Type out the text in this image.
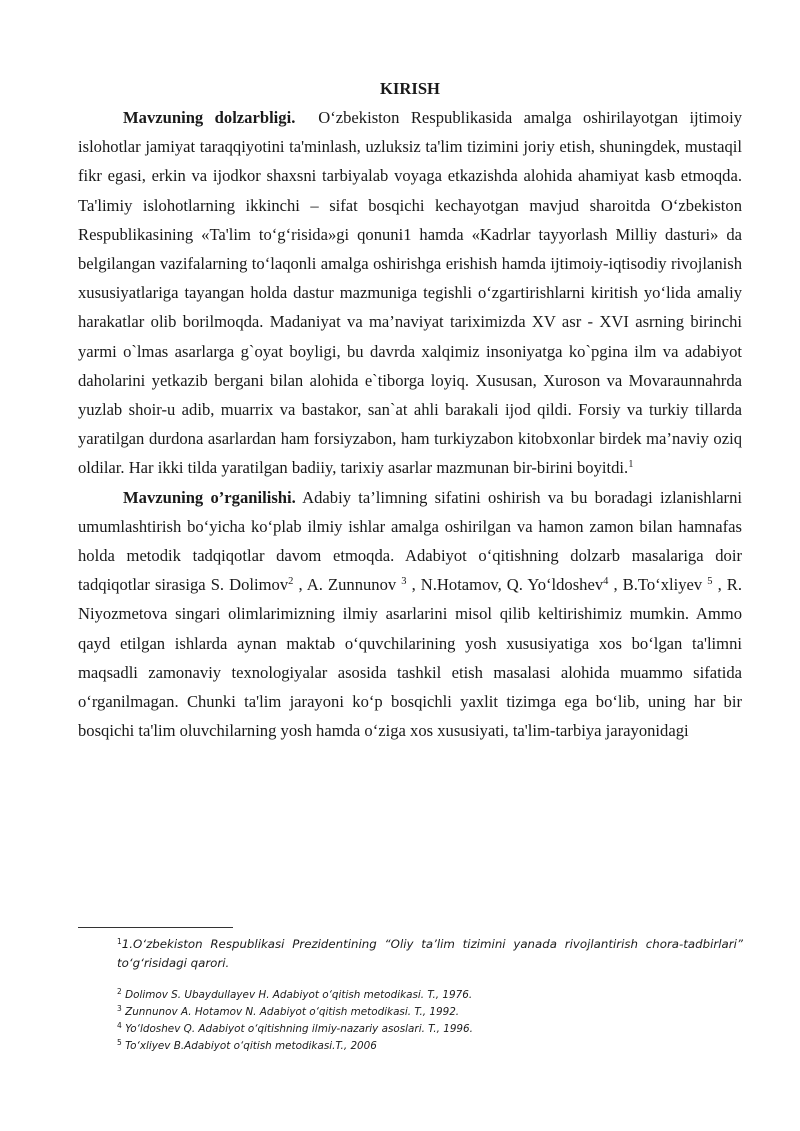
KIRISH

Mavzuning dolzarbligi. O‘zbekiston Respublikasida amalga oshirilayotgan ijtimoiy islohotlar jamiyat taraqqiyotini ta'minlash, uzluksiz ta'lim tizimini joriy etish, shuningdek, mustaqil fikr egasi, erkin va ijodkor shaxsni tarbiyalab voyaga etkazishda alohida ahamiyat kasb etmoqda. Ta'limiy islohotlarning ikkinchi – sifat bosqichi kechayotgan mavjud sharoitda O‘zbekiston Respublikasining «Ta'lim to‘g‘risida»gi qonuni1 hamda «Kadrlar tayyorlash Milliy dasturi» da belgilangan vazifalarning to‘laqonli amalga oshirishga erishish hamda ijtimoiy-iqtisodiy rivojlanish xususiyatlariga tayangan holda dastur mazmuniga tegishli o‘zgartirishlarni kiritish yo‘lida amaliy harakatlar olib borilmoqda. Madaniyat va ma’naviyat tariximizda XV asr - XVI asrning birinchi yarmi o`lmas asarlarga g`oyat boyligi, bu davrda xalqimiz insoniyatga ko`pgina ilm va adabiyot daholarini yetkazib bergani bilan alohida e`tiborga loyiq. Xususan, Xuroson va Movaraunnahrda yuzlab shoir-u adib, muarrix va bastakor, san`at ahli barakali ijod qildi. Forsiy va turkiy tillarda yaratilgan durdona asarlardan ham forsiyzabon, ham turkiyzabon kitobxonlar birdek ma’naviy oziq oldilar. Har ikki tilda yaratilgan badiiy, tarixiy asarlar mazmunan bir-birini boyitdi.$^1$

Mavzuning o’rganilishi. Adabiy ta’limning sifatini oshirish va bu boradagi izlanishlarni umumlashtirish bo‘yicha ko‘plab ilmiy ishlar amalga oshirilgan va hamon zamon bilan hamnafas holda metodik tadqiqotlar davom etmoqda. Adabiyot o‘qitishning dolzarb masalariga doir tadqiqotlar sirasiga S. Dolimov$^2$ , A. Zunnunov $^3$ , N.Hotamov, Q. Yo‘ldoshev$^4$ , B.To‘xliyev $^5$ , R. Niyozmetova singari olimlarimizning ilmiy asarlarini misol qilib keltirishimiz mumkin. Ammo qayd etilgan ishlarda aynan maktab o‘quvchilarining yosh xususiyatiga xos bo‘lgan ta'limni maqsadli zamonaviy texnologiyalar asosida tashkil etish masalasi alohida muammo sifatida o‘rganilmagan. Chunki ta'lim jarayoni ko‘p bosqichli yaxlit tizimga ega bo‘lib, uning har bir bosqichi ta'lim oluvchilarning yosh hamda o‘ziga xos xususiyati, ta'lim-tarbiya jarayonidagi

$^1$1.O‘zbekiston Respublikasi Prezidentining “Oliy ta’lim tizimini yanada rivojlantirish chora-tadbirlari” to‘g‘risidagi qarori.

$^2$ Dolimov S. Ubaydullayev H. Adabiyot o‘qitish metodikasi. T., 1976.

$^3$ Zunnunov A. Hotamov N. Adabiyot o‘qitish metodikasi. T., 1992.

$^4$ Yo‘ldoshev Q. Adabiyot o‘qitishning ilmiy-nazariy asoslari. T., 1996.

$^5$ To‘xliyev B.Adabiyot o‘qitish metodikasi.T., 2006
